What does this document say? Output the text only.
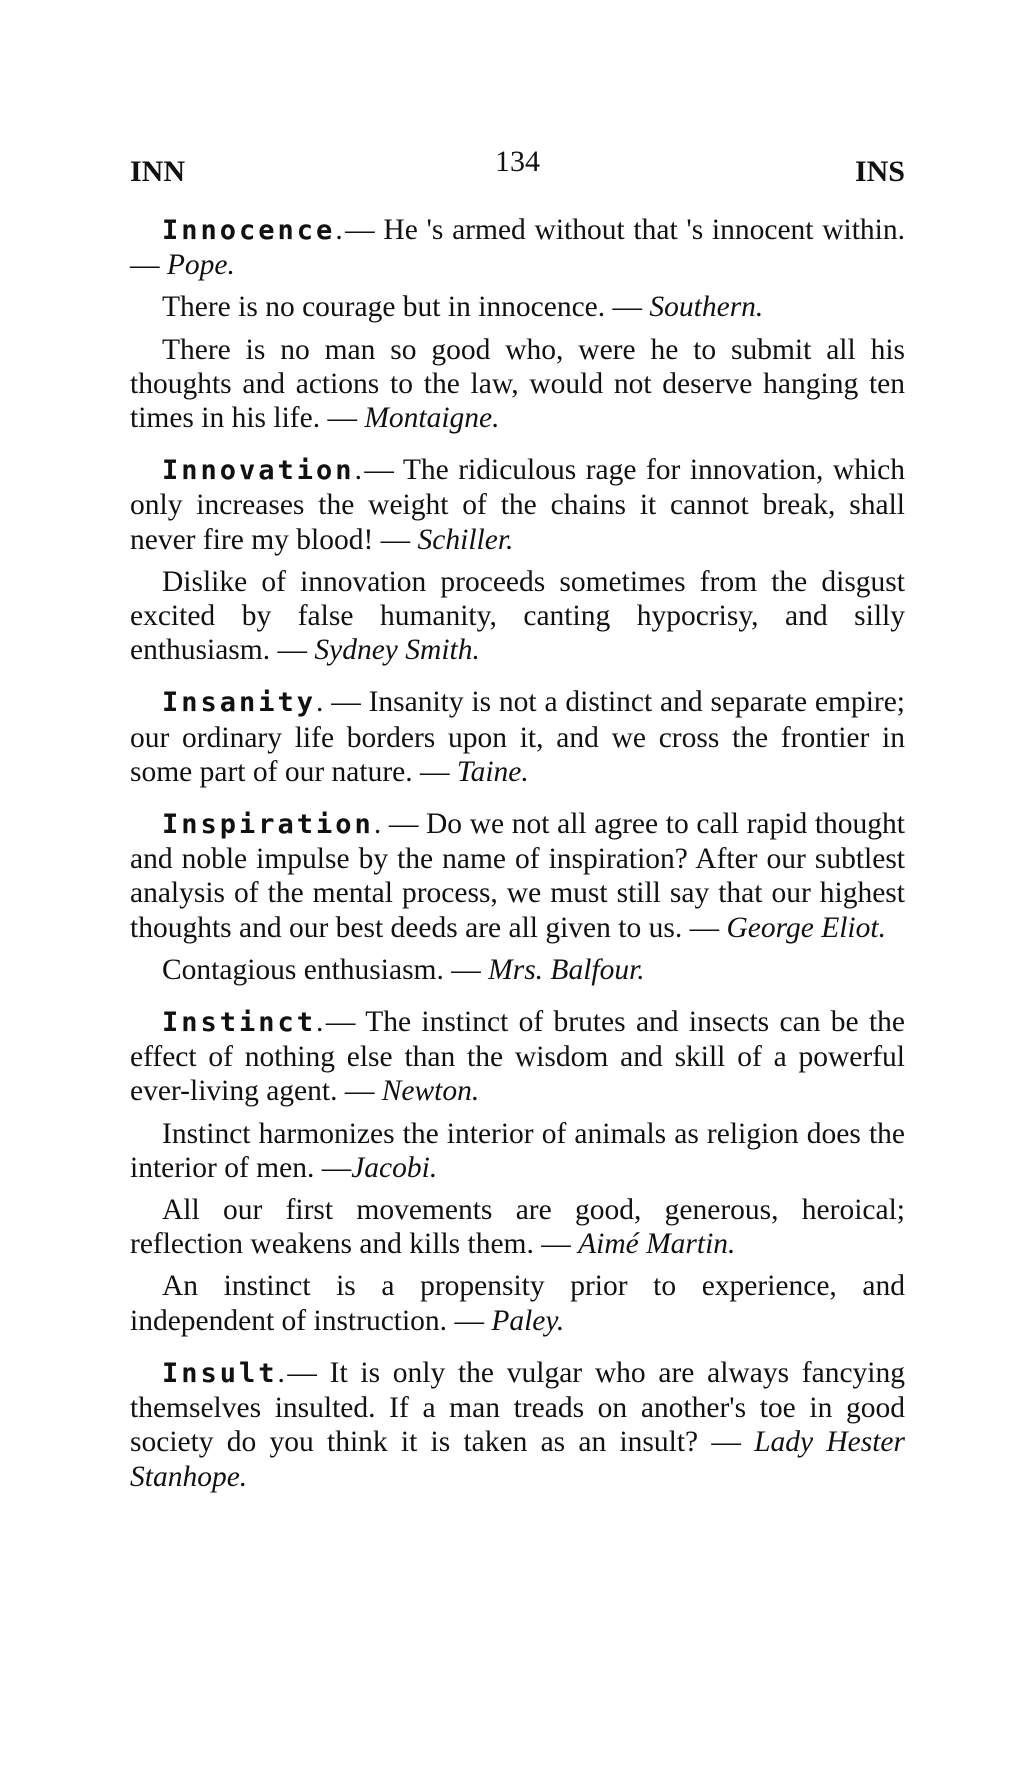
INN	134	INS

Innocence. — He 's armed without that 's innocent within. — Pope.

There is no courage but in innocence. — Southern.

There is no man so good who, were he to submit all his thoughts and actions to the law, would not deserve hanging ten times in his life. — Montaigne.

Innovation. — The ridiculous rage for innovation, which only increases the weight of the chains it cannot break, shall never fire my blood! — Schiller.

Dislike of innovation proceeds sometimes from the disgust excited by false humanity, canting hypocrisy, and silly enthusiasm. — Sydney Smith.

Insanity. — Insanity is not a distinct and separate empire; our ordinary life borders upon it, and we cross the frontier in some part of our nature. — Taine.

Inspiration. — Do we not all agree to call rapid thought and noble impulse by the name of inspiration? After our subtlest analysis of the mental process, we must still say that our highest thoughts and our best deeds are all given to us. — George Eliot.

Contagious enthusiasm. — Mrs. Balfour.

Instinct. — The instinct of brutes and insects can be the effect of nothing else than the wisdom and skill of a powerful ever-living agent. — Newton.

Instinct harmonizes the interior of animals as religion does the interior of men. —Jacobi.

All our first movements are good, generous, heroical; reflection weakens and kills them. — Aimé Martin.

An instinct is a propensity prior to experience, and independent of instruction. — Paley.

Insult. — It is only the vulgar who are always fancying themselves insulted. If a man treads on another's toe in good society do you think it is taken as an insult? — Lady Hester Stanhope.
